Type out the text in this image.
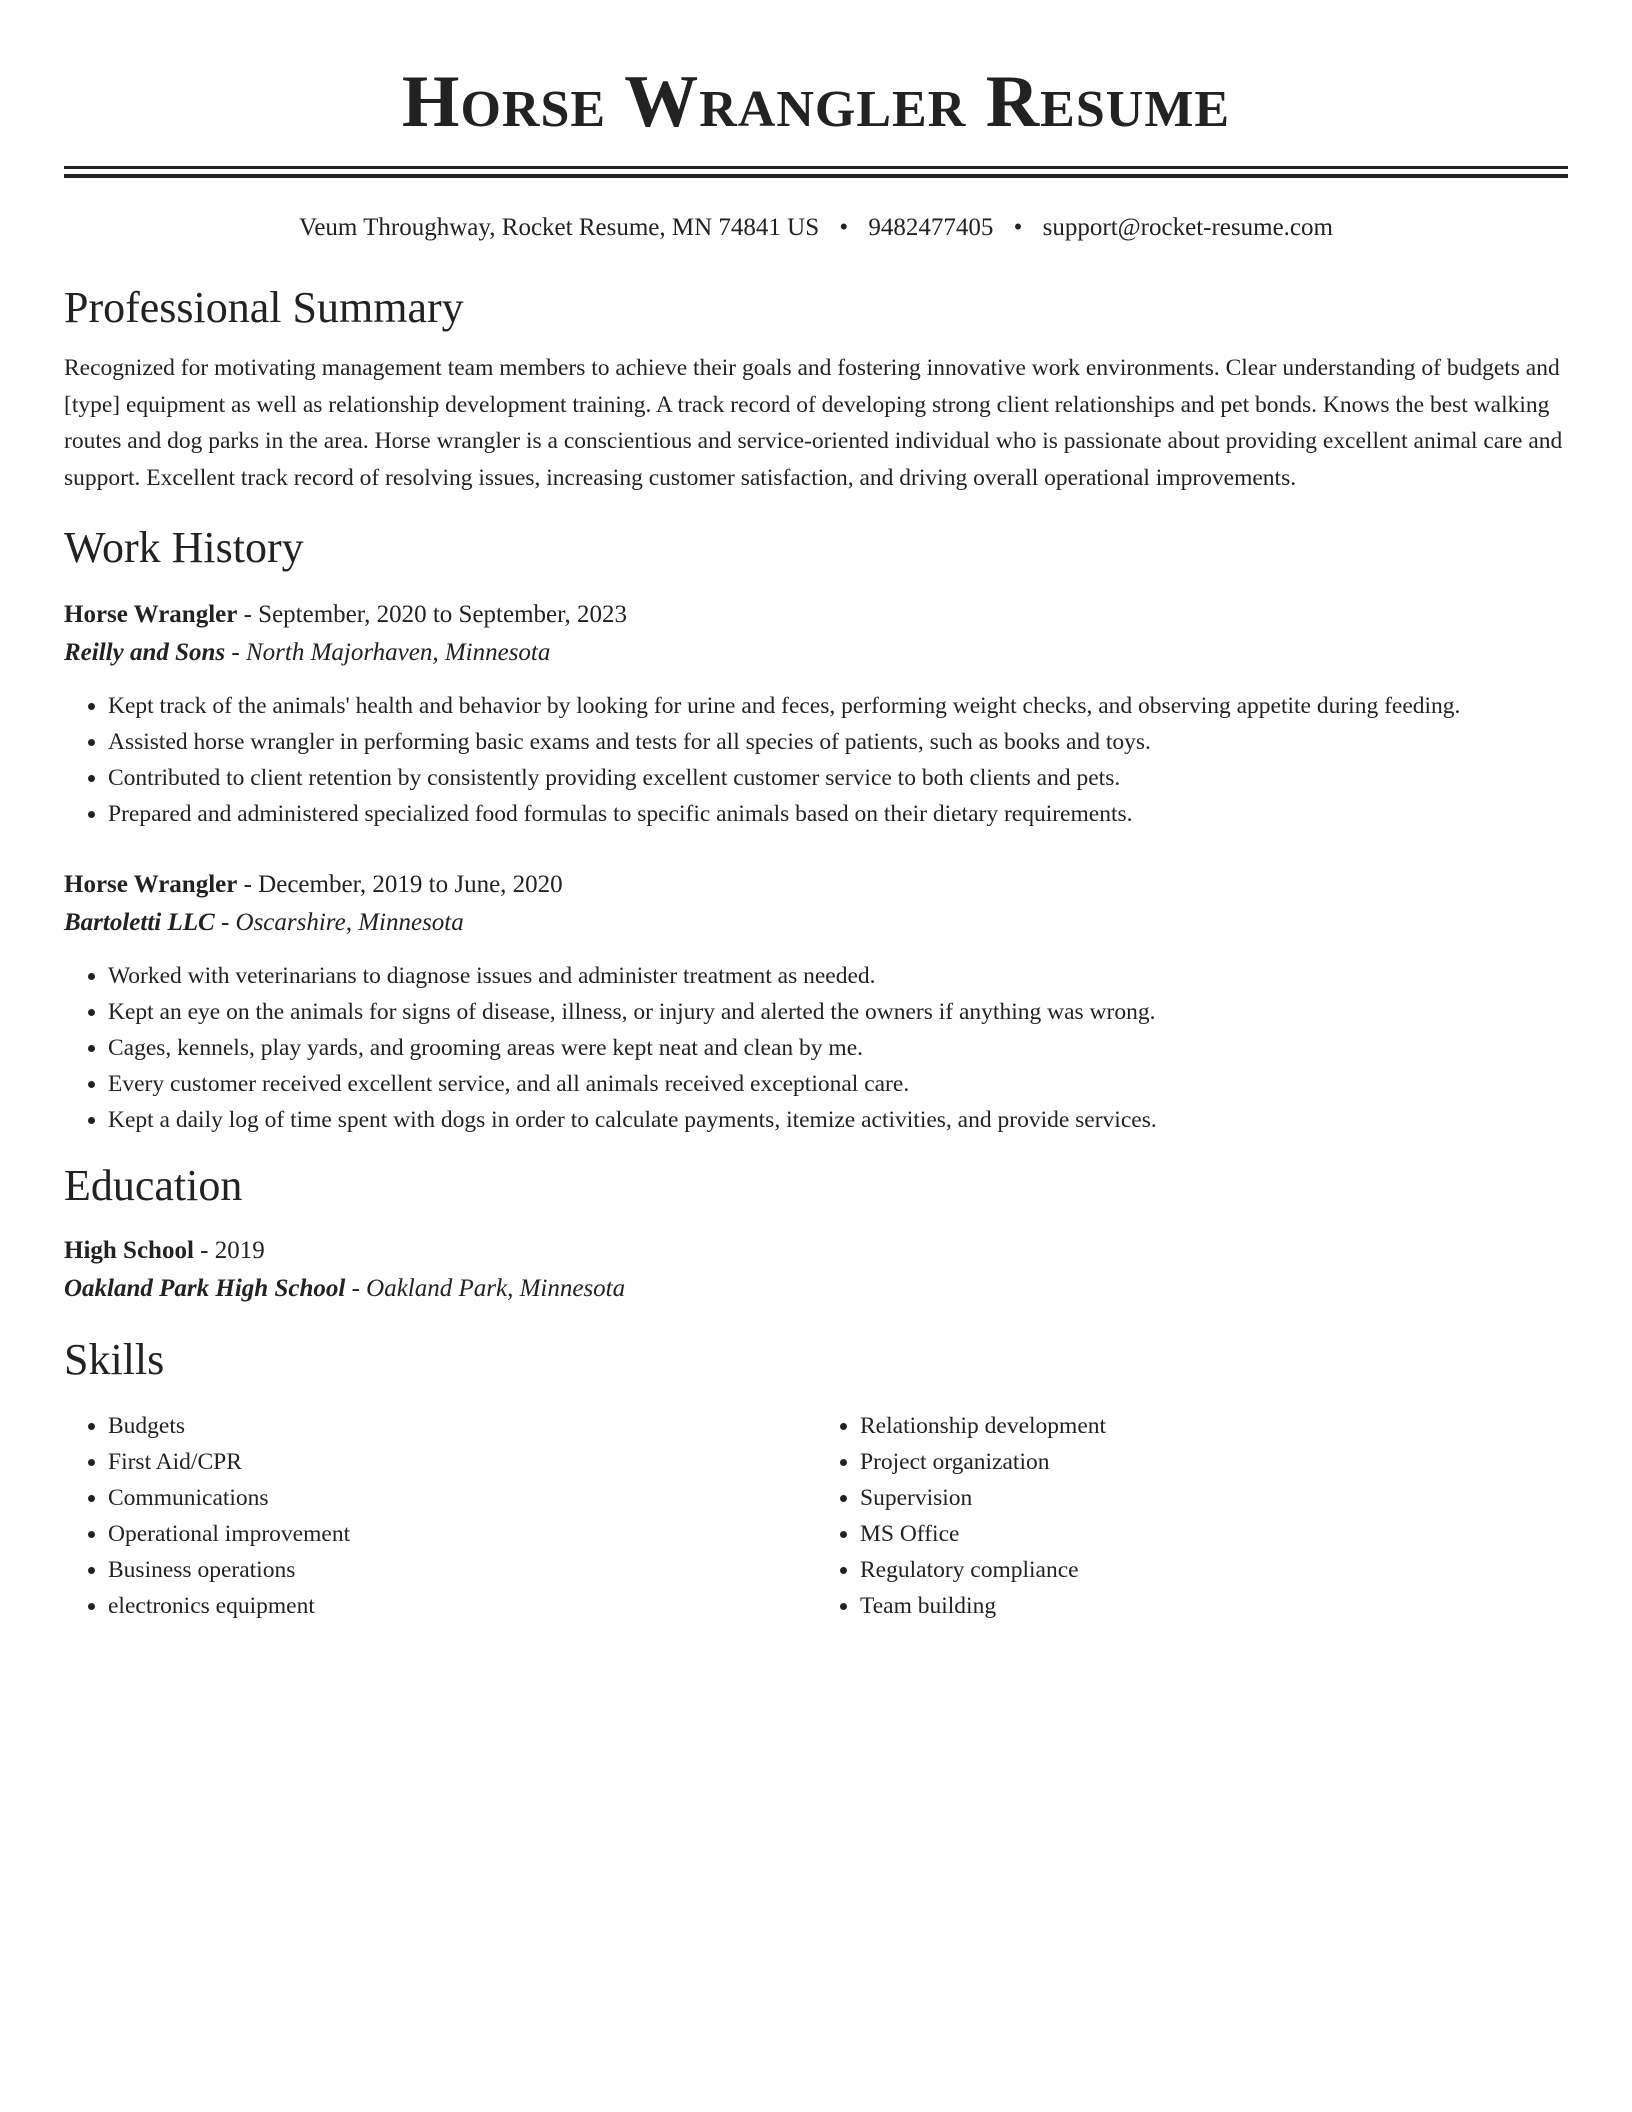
Horse Wrangler Resume
Veum Throughway, Rocket Resume, MN 74841 US • 9482477405 • support@rocket-resume.com
Professional Summary

Recognized for motivating management team members to achieve their goals and fostering innovative work environments. Clear understanding of budgets and [type] equipment as well as relationship development training. A track record of developing strong client relationships and pet bonds. Knows the best walking routes and dog parks in the area. Horse wrangler is a conscientious and service-oriented individual who is passionate about providing excellent animal care and support. Excellent track record of resolving issues, increasing customer satisfaction, and driving overall operational improvements.

Work History
Horse Wrangler - September, 2020 to September, 2023
Reilly and Sons - North Majorhaven, Minnesota
• Kept track of the animals' health and behavior by looking for urine and feces, performing weight checks, and observing appetite during feeding.
• Assisted horse wrangler in performing basic exams and tests for all species of patients, such as books and toys.
• Contributed to client retention by consistently providing excellent customer service to both clients and pets.
• Prepared and administered specialized food formulas to specific animals based on their dietary requirements.
Horse Wrangler - December, 2019 to June, 2020
Bartoletti LLC - Oscarshire, Minnesota
• Worked with veterinarians to diagnose issues and administer treatment as needed.
• Kept an eye on the animals for signs of disease, illness, or injury and alerted the owners if anything was wrong.
• Cages, kennels, play yards, and grooming areas were kept neat and clean by me.
• Every customer received excellent service, and all animals received exceptional care.
• Kept a daily log of time spent with dogs in order to calculate payments, itemize activities, and provide services.
Education
High School - 2019
Oakland Park High School - Oakland Park, Minnesota
Skills
• Budgets
• First Aid/CPR
• Communications
• Operational improvement
• Business operations
• electronics equipment
• Relationship development
• Project organization
• Supervision
• MS Office
• Regulatory compliance
• Team building
